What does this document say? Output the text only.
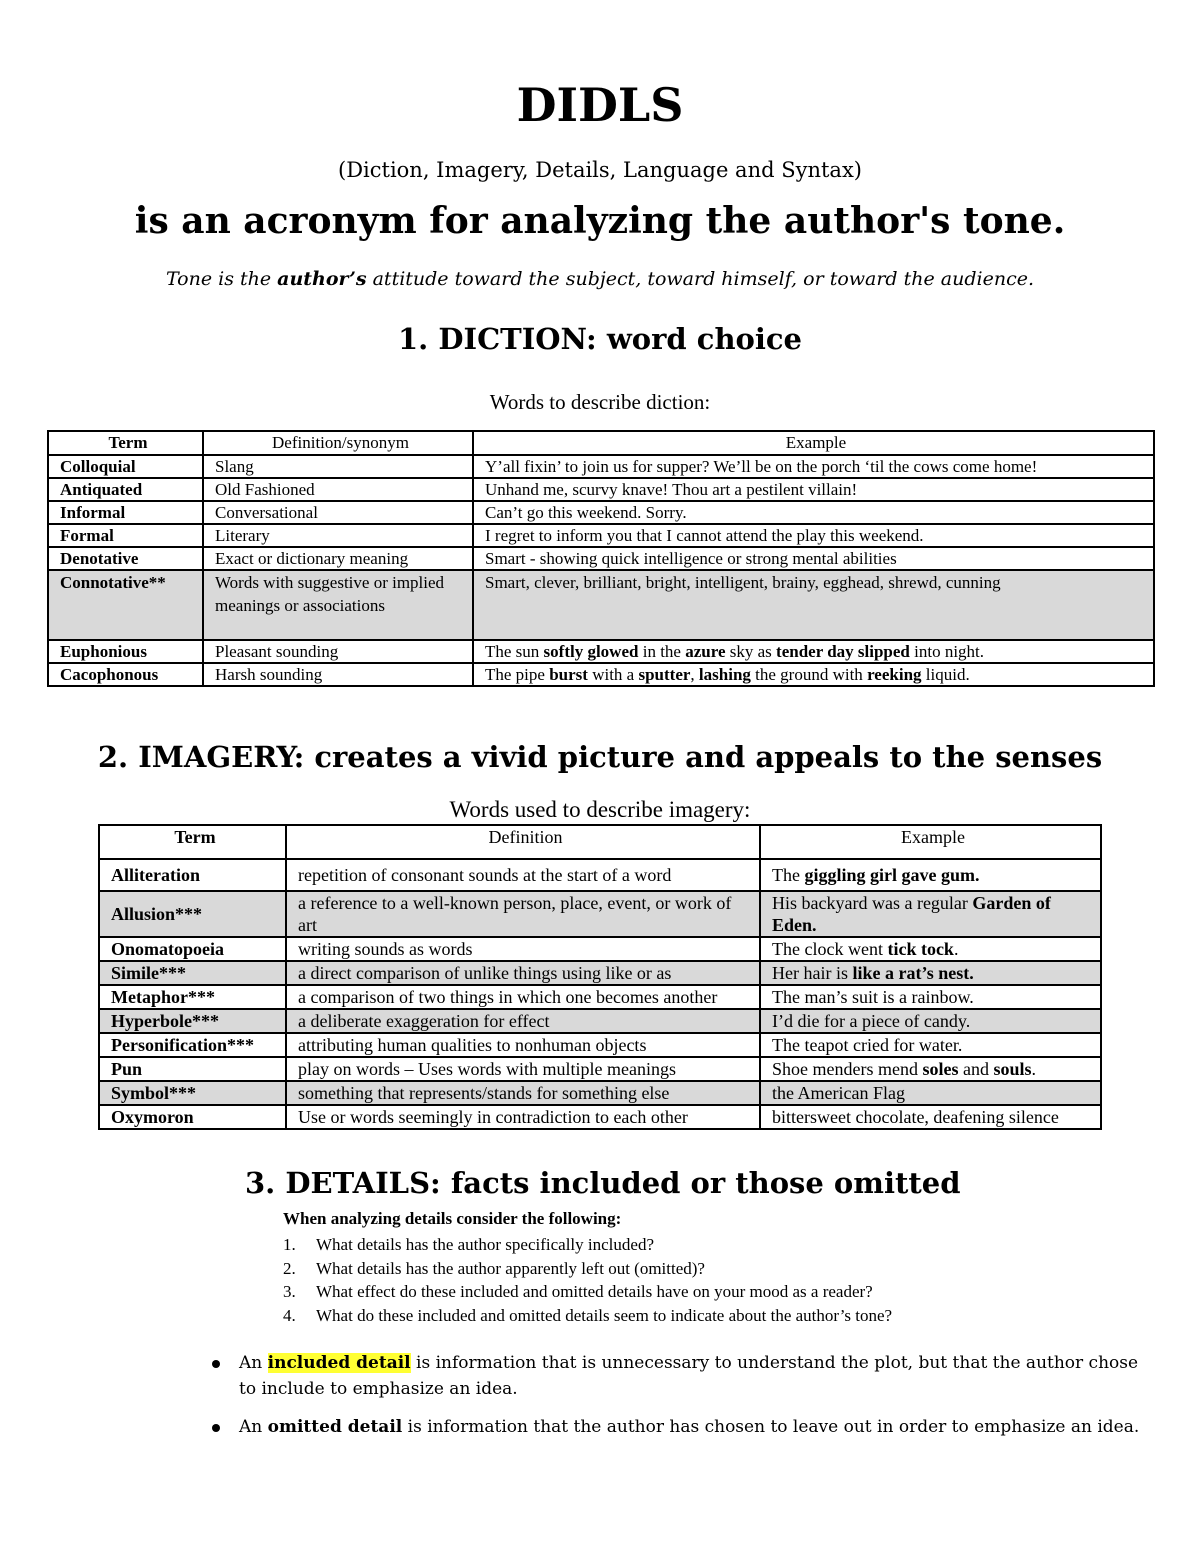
DIDLS

(Diction, Imagery, Details, Language and Syntax)

is an acronym for analyzing the author's tone.

Tone is the author’s attitude toward the subject, toward himself, or toward the audience.

1. DICTION: word choice

Words to describe diction:

Term	Definition/synonym	Example
Colloquial	Slang	Y’all fixin’ to join us for supper? We’ll be on the porch ‘til the cows come home!
Antiquated	Old Fashioned	Unhand me, scurvy knave! Thou art a pestilent villain!
Informal	Conversational	Can’t go this weekend. Sorry.
Formal	Literary	I regret to inform you that I cannot attend the play this weekend.
Denotative	Exact or dictionary meaning	Smart - showing quick intelligence or strong mental abilities
Connotative**	Words with suggestive or implied meanings or associations	Smart, clever, brilliant, bright, intelligent, brainy, egghead, shrewd, cunning
Euphonious	Pleasant sounding	The sun softly glowed in the azure sky as tender day slipped into night.
Cacophonous	Harsh sounding	The pipe burst with a sputter, lashing the ground with reeking liquid.
2. IMAGERY: creates a vivid picture and appeals to the senses

Words used to describe imagery:

Term	Definition	Example
Alliteration	repetition of consonant sounds at the start of a word	The giggling girl gave gum.
Allusion***	a reference to a well-known person, place, event, or work of art	His backyard was a regular Garden of Eden.
Onomatopoeia	writing sounds as words	The clock went tick tock.
Simile***	a direct comparison of unlike things using like or as	Her hair is like a rat’s nest.
Metaphor***	a comparison of two things in which one becomes another	The man’s suit is a rainbow.
Hyperbole***	a deliberate exaggeration for effect	I’d die for a piece of candy.
Personification***	attributing human qualities to nonhuman objects	The teapot cried for water.
Pun	play on words – Uses words with multiple meanings	Shoe menders mend soles and souls.
Symbol***	something that represents/stands for something else	the American Flag
Oxymoron	Use or words seemingly in contradiction to each other	bittersweet chocolate, deafening silence
3. DETAILS: facts included or those omitted

When analyzing details consider the following:

1. What details has the author specifically included?
2. What details has the author apparently left out (omitted)?
3. What effect do these included and omitted details have on your mood as a reader?
4. What do these included and omitted details seem to indicate about the author’s tone?
An included detail is information that is unnecessary to understand the plot, but that the author chose to include to emphasize an idea.
An omitted detail is information that the author has chosen to leave out in order to emphasize an idea.
